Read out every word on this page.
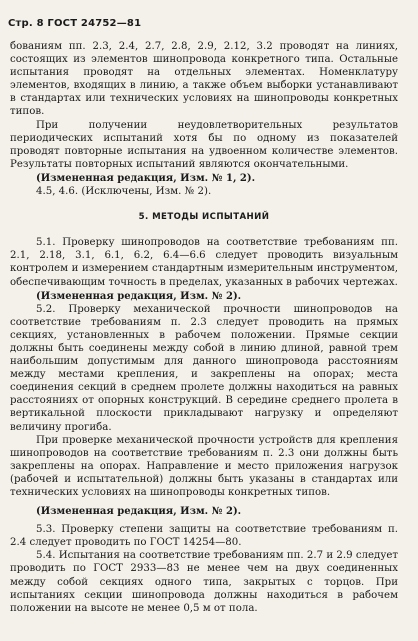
Стр. 8 ГОСТ 24752—81

бованиям пп. 2.3, 2.4, 2.7, 2.8, 2.9, 2.12, 3.2 проводят на линиях, состоящих из элементов шинопровода конкретного типа. Остальные испытания проводят на отдельных элементах. Номенклатуру элементов, входящих в линию, а также объем выборки устанавливают в стандартах или технических условиях на шинопроводы конкретных типов.

При получении неудовлетворительных результатов периодических испытаний хотя бы по одному из показателей проводят повторные испытания на удвоенном количестве элементов. Результаты повторных испытаний являются окончательными.

(Измененная редакция, Изм. № 1, 2).

4.5, 4.6. (Исключены, Изм. № 2).

5. МЕТОДЫ ИСПЫТАНИЙ

5.1. Проверку шинопроводов на соответствие требованиям пп. 2.1, 2.18, 3.1, 6.1, 6.2, 6.4—6.6 следует проводить визуальным контролем и измерением стандартным измерительным инструментом, обеспечивающим точность в пределах, указанных в рабочих чертежах.

(Измененная редакция, Изм. № 2).

5.2. Проверку механической прочности шинопроводов на соответствие требованиям п. 2.3 следует проводить на прямых секциях, установленных в рабочем положении. Прямые секции должны быть соединены между собой в линию длиной, равной трем наибольшим допустимым для данного шинопровода расстояниям между местами крепления, и закреплены на опорах; места соединения секций в среднем пролете должны находиться на равных расстояниях от опорных конструкций. В середине среднего пролета в вертикальной плоскости прикладывают нагрузку и определяют величину прогиба.

При проверке механической прочности устройств для крепления шинопроводов на соответствие требованиям п. 2.3 они должны быть закреплены на опорах. Направление и место приложения нагрузок (рабочей и испытательной) должны быть указаны в стандартах или технических условиях на шинопроводы конкретных типов.

(Измененная редакция, Изм. № 2).

5.3. Проверку степени защиты на соответствие требованиям п. 2.4 следует проводить по ГОСТ 14254—80.

5.4. Испытания на соответствие требованиям пп. 2.7 и 2.9 следует проводить по ГОСТ 2933—83 не менее чем на двух соединенных между собой секциях одного типа, закрытых с торцов. При испытаниях секции шинопровода должны находиться в рабочем положении на высоте не менее 0,5 м от пола.
